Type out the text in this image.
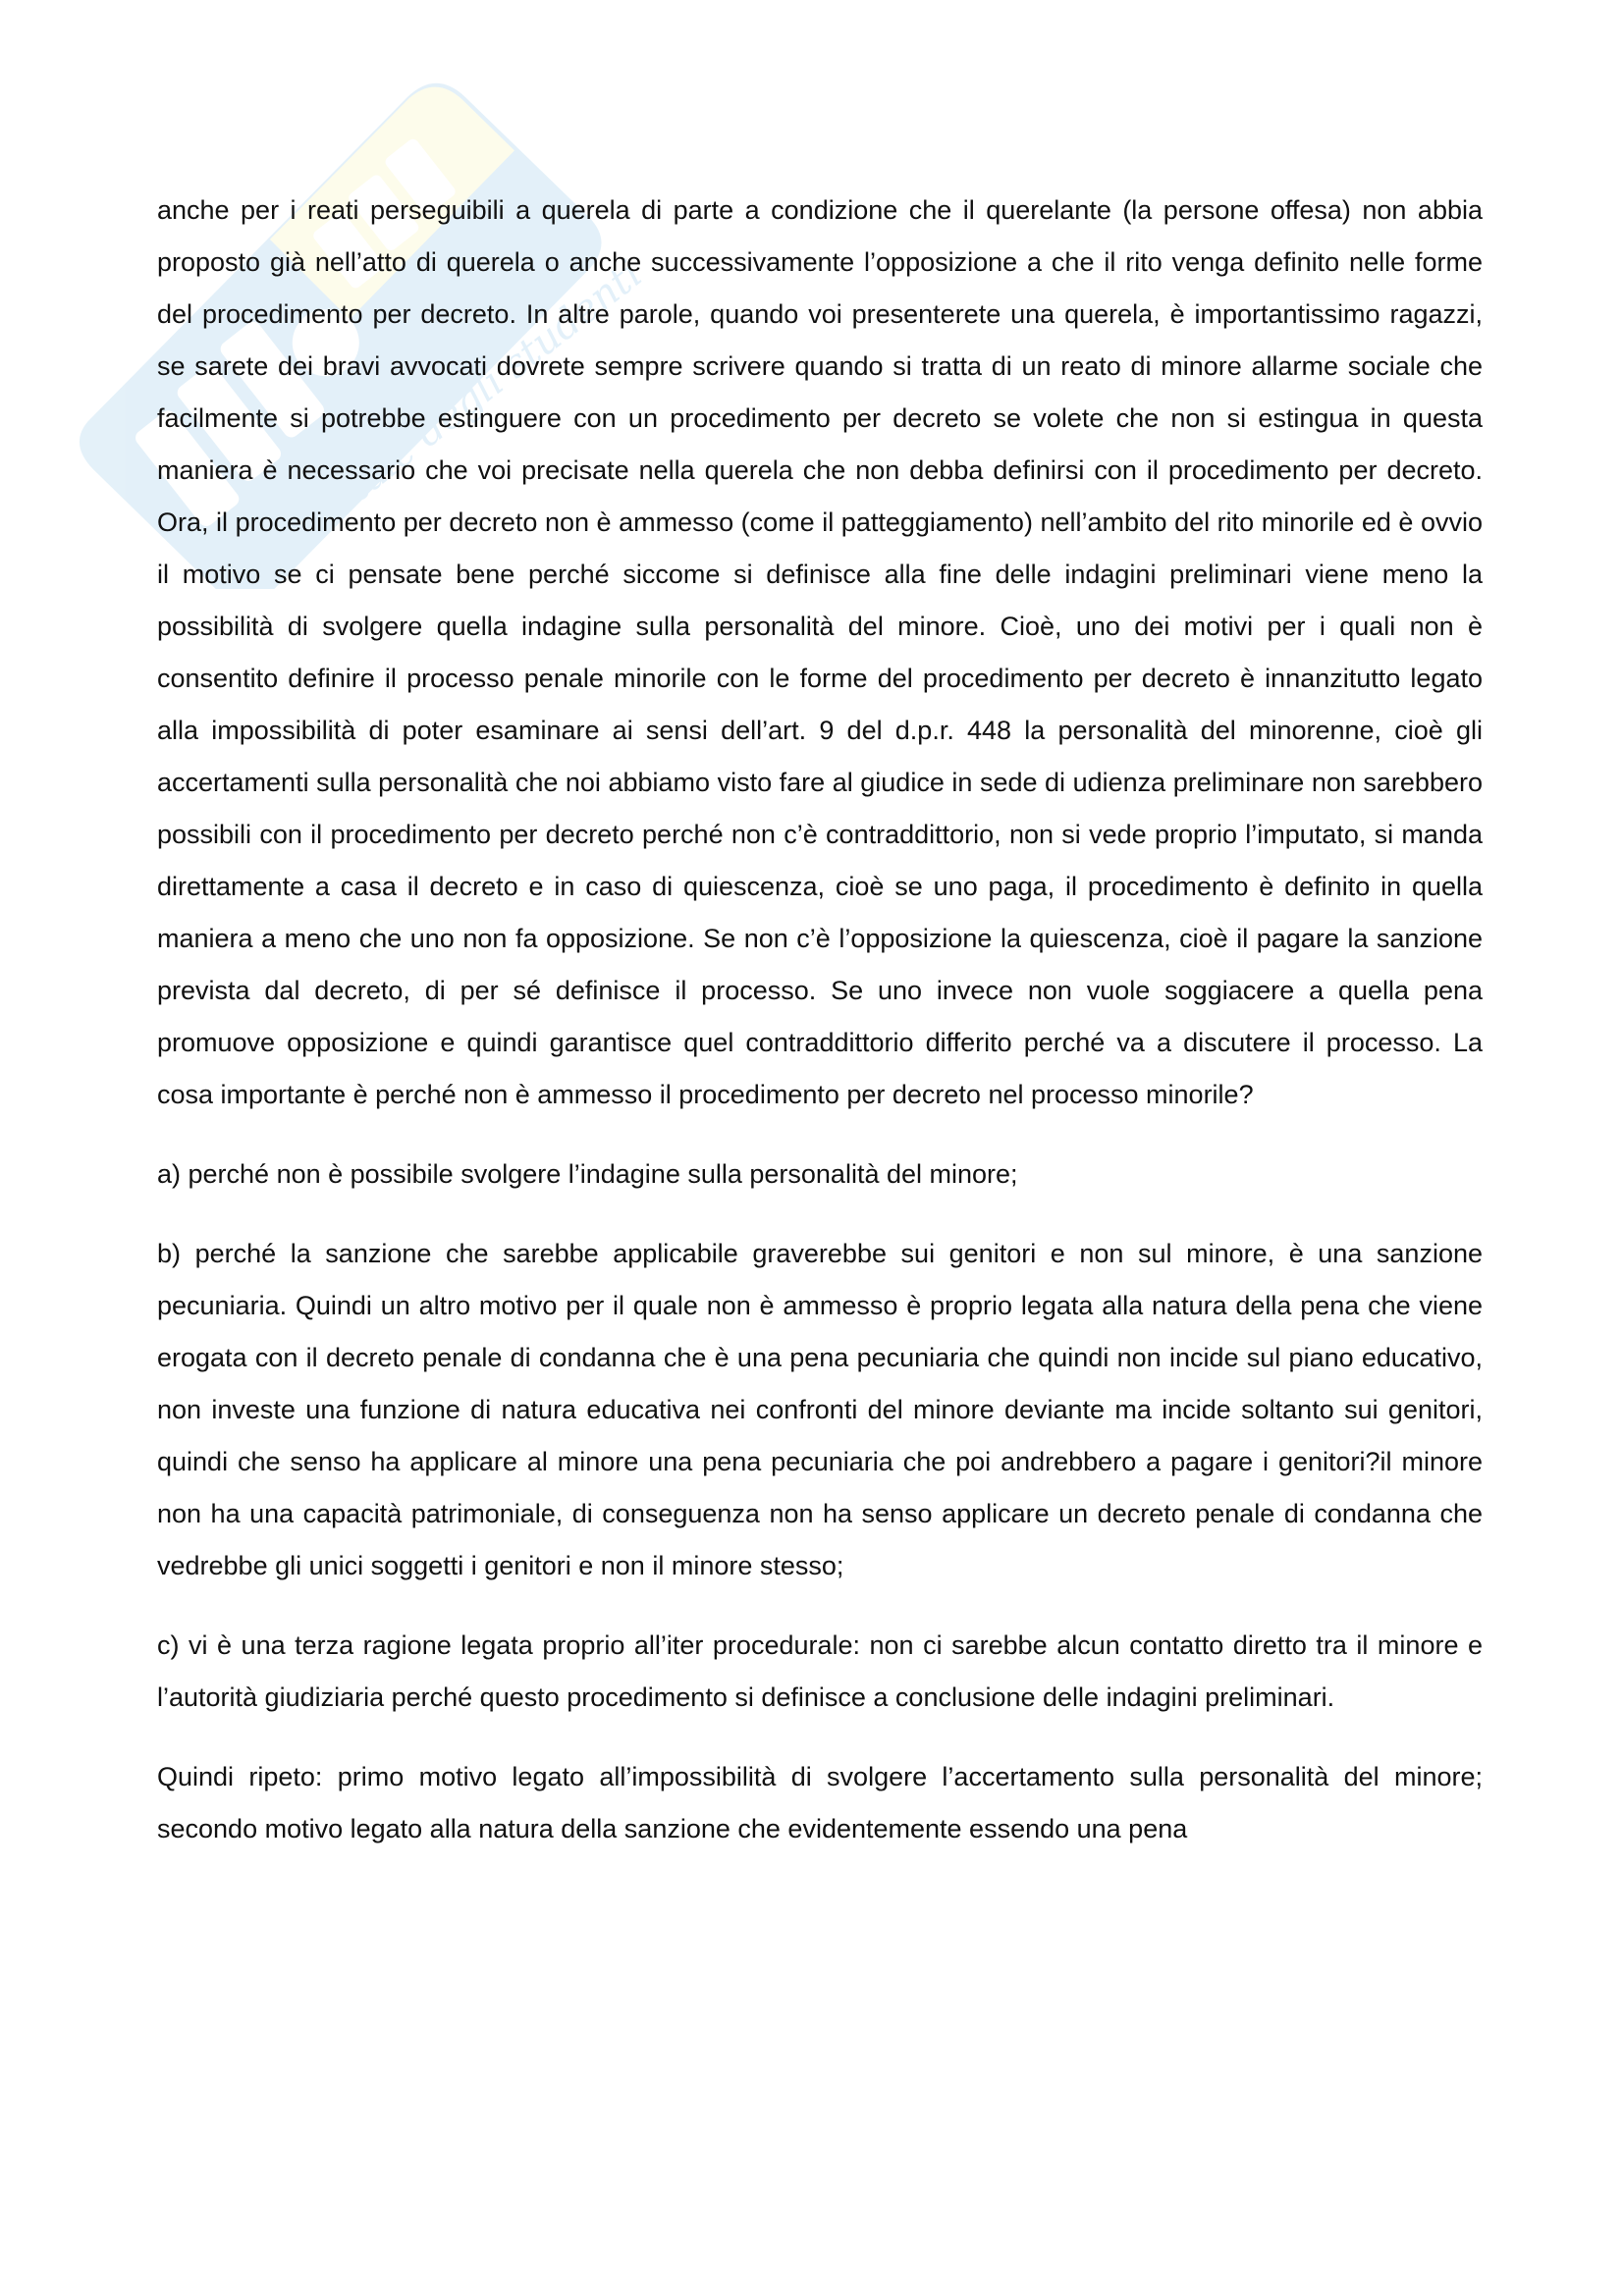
il portale degli studenti

anche per i reati perseguibili a querela di parte a condizione che il querelante (la persone offesa) non abbia proposto già nell’atto di querela o anche successivamente l’opposizione a che il rito venga definito nelle forme del procedimento per decreto. In altre parole, quando voi presenterete una querela, è importantissimo ragazzi, se sarete dei bravi avvocati dovrete sempre scrivere quando si tratta di un reato di minore allarme sociale che facilmente si potrebbe estinguere con un procedimento per decreto se volete che non si estingua in questa maniera è necessario che voi precisate nella querela che non debba definirsi con il procedimento per decreto. Ora, il procedimento per decreto non è ammesso (come il patteggiamento) nell’ambito del rito minorile ed è ovvio il motivo se ci pensate bene perché siccome si definisce alla fine delle indagini preliminari viene meno la possibilità di svolgere quella indagine sulla personalità del minore. Cioè, uno dei motivi per i quali non è consentito definire il processo penale minorile con le forme del procedimento per decreto è innanzitutto legato alla impossibilità di poter esaminare ai sensi dell’art. 9 del d.p.r. 448 la personalità del minorenne, cioè gli accertamenti sulla personalità che noi abbiamo visto fare al giudice in sede di udienza preliminare non sarebbero possibili con il procedimento per decreto perché non c’è contraddittorio, non si vede proprio l’imputato, si manda direttamente a casa il decreto e in caso di quiescenza, cioè se uno paga, il procedimento è definito in quella maniera a meno che uno non fa opposizione. Se non c’è l’opposizione la quiescenza, cioè il pagare la sanzione prevista dal decreto, di per sé definisce il processo. Se uno invece non vuole soggiacere a quella pena promuove opposizione e quindi garantisce quel contraddittorio differito perché va a discutere il processo. La cosa importante è perché non è ammesso il procedimento per decreto nel processo minorile?

a) perché non è possibile svolgere l’indagine sulla personalità del minore;

b) perché la sanzione che sarebbe applicabile graverebbe sui genitori e non sul minore, è una sanzione pecuniaria. Quindi un altro motivo per il quale non è ammesso è proprio legata alla natura della pena che viene erogata con il decreto penale di condanna che è una pena pecuniaria che quindi non incide sul piano educativo, non investe una funzione di natura educativa nei confronti del minore deviante ma incide soltanto sui genitori, quindi che senso ha applicare al minore una pena pecuniaria che poi andrebbero a pagare i genitori?il minore non ha una capacità patrimoniale, di conseguenza non ha senso applicare un decreto penale di condanna che vedrebbe gli unici soggetti i genitori e non il minore stesso;

c) vi è una terza ragione legata proprio all’iter procedurale: non ci sarebbe alcun contatto diretto tra il minore e l’autorità giudiziaria perché questo procedimento si definisce a conclusione delle indagini preliminari.

Quindi ripeto: primo motivo legato all’impossibilità di svolgere l’accertamento sulla personalità del minore; secondo motivo legato alla natura della sanzione che evidentemente essendo una pena
